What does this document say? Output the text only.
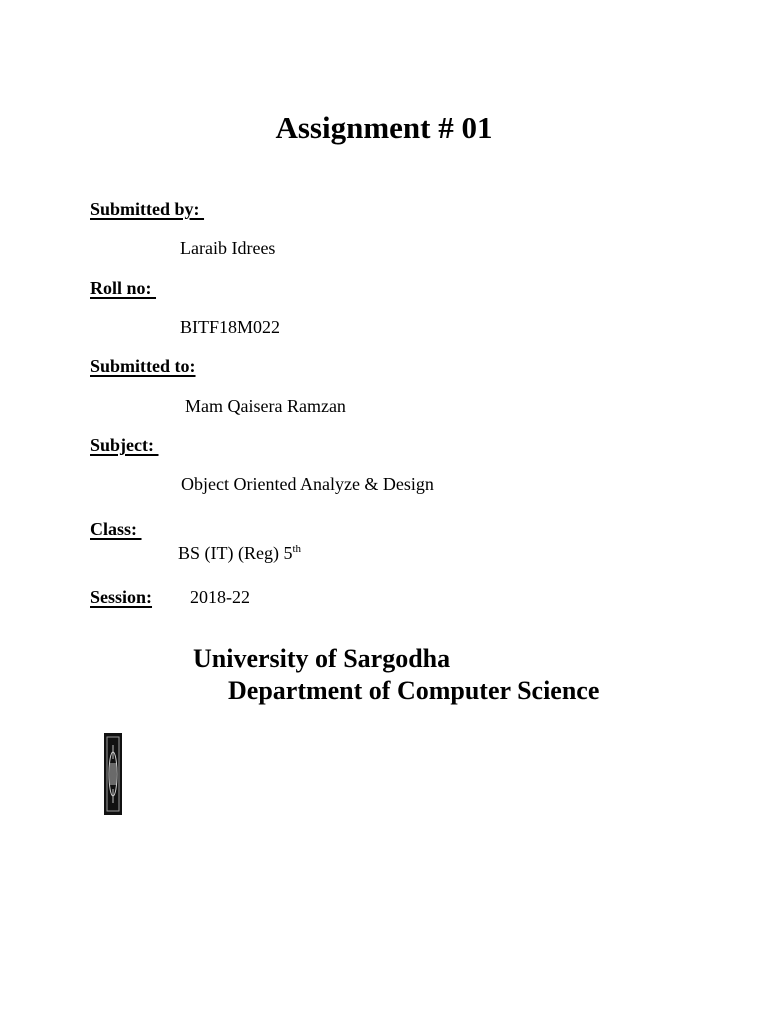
Assignment # 01
Submitted by:
Laraib Idrees
Roll no:
BITF18M022
Submitted to:
Mam Qaisera Ramzan
Subject:
Object Oriented Analyze & Design
Class:
BS (IT) (Reg) 5th
Session: 2018-22
University of Sargodha
Department of Computer Science
